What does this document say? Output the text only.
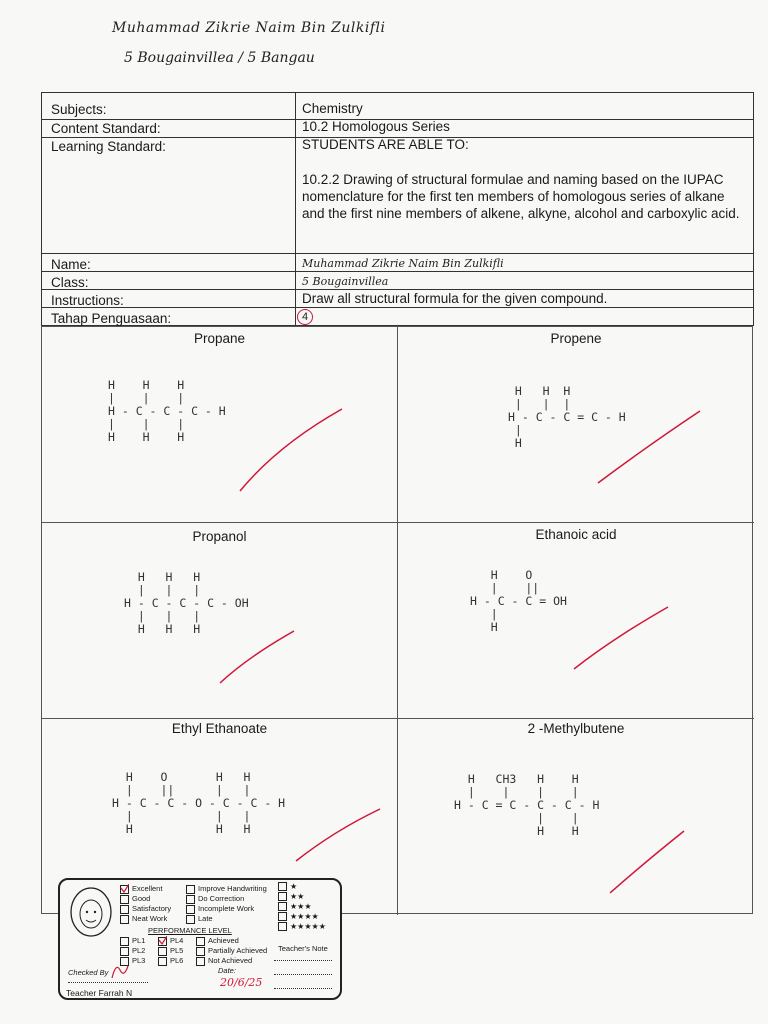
Muhammad Zikrie Naim Bin Zulkifli
5 Bougainvillea / 5 Bangau
Subjects:	Chemistry
Content Standard:	10.2 Homologous Series
Learning Standard:	STUDENTS ARE ABLE TO:
10.2.2 Drawing of structural formulae and naming based on the IUPAC nomenclature for the first ten members of homologous series of alkane and the first nine members of alkene, alkyne, alcohol and carboxylic acid.
Name:	Muhammad Zikrie Naim Bin Zulkifli
Class:	5 Bougainvillea
Instructions:	Draw all structural formula for the given compound.
Tahap Penguasaan:	4
Propane
H    H    H
|    |    |
H - C - C - C - H
|    |    |
H    H    H
Propene
H   H  H
|   |  |
H - C - C = C - H
|
H
Propanol
H   H   H
|   |   |
H - C - C - C - OH
|   |   |
H   H   H
Ethanoic acid
H    O
|    ||
H - C - C = OH
|
H
Ethyl Ethanoate
H    O       H   H
|    ||      |   |
H - C - C - O - C - C - H
|            |   |
H            H   H
2 -Methylbutene
H   CH3   H    H
|    |    |    |
H - C = C - C - C - H
|    |
H    H
Excellent
Good
Satisfactory
Neat Work
Improve Handwriting
Do Correction
Incomplete Work
Late
★
★★
★★★
★★★★
★★★★★
PERFORMANCE LEVEL
PL1
PL2
PL3
PL4
PL5
PL6
Achieved
Partially Achieved
Not Achieved
Teacher's Note
Checked By	Date:
20/6/25
Teacher Farrah N
